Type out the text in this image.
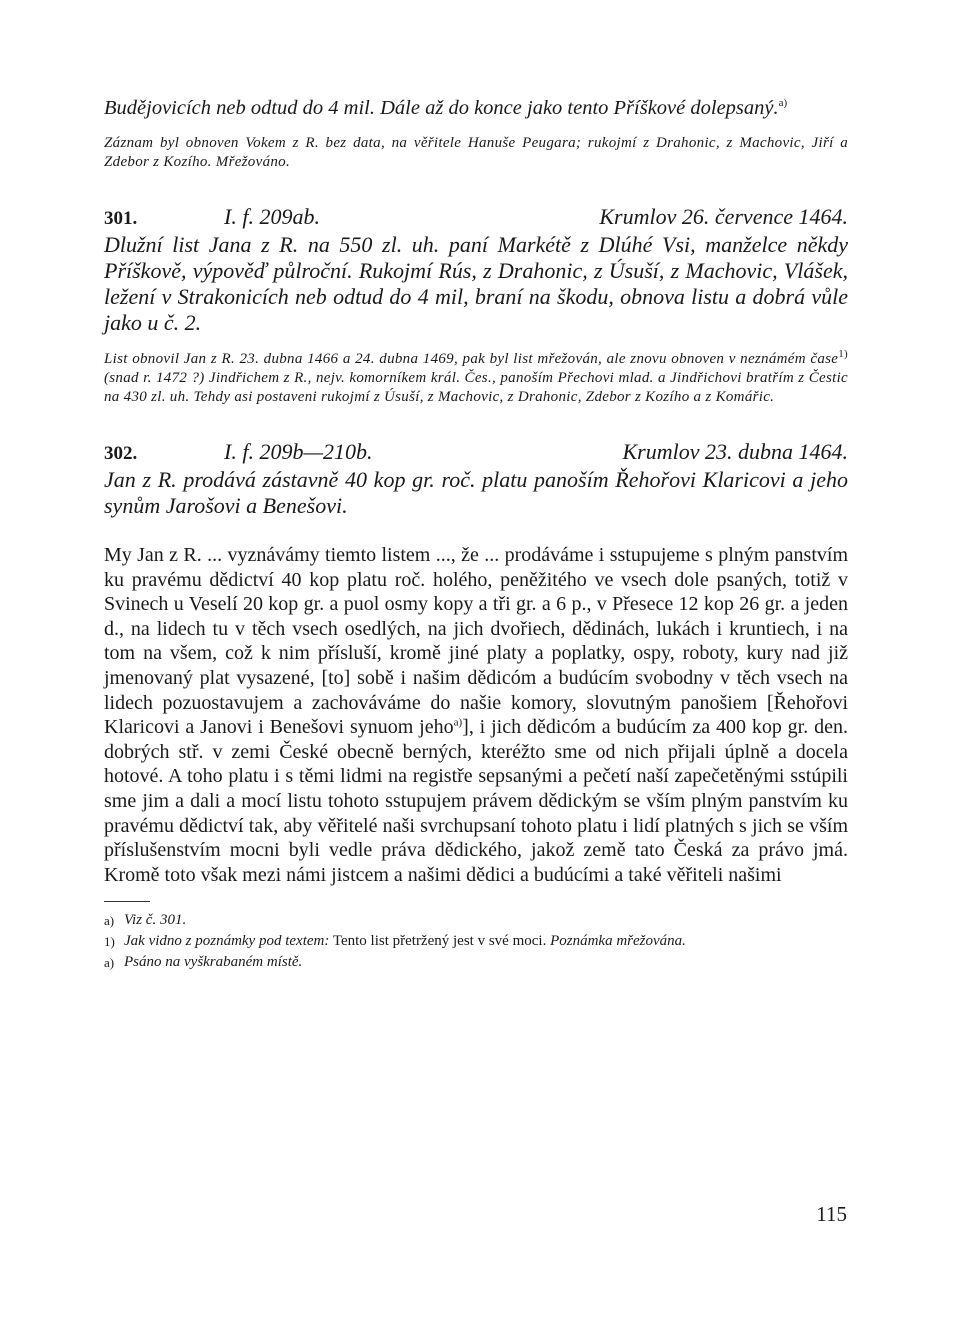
Budějovicích neb odtud do 4 mil. Dále až do konce jako tento Příškové dolepsaný.$^{a)}$

Záznam byl obnoven Vokem z R. bez data, na věřitele Hanuše Peugara; rukojmí z Drahonic, z Machovic, Jiří a Zdebor z Kozího. Mřežováno.

301.	I. f. 209ab.	Krumlov 26. července 1464.

Dlužní list Jana z R. na 550 zl. uh. paní Markétě z Dlúhé Vsi, manželce někdy Příškově, výpověď půlroční. Rukojmí Rús, z Drahonic, z Úsuší, z Machovic, Vlášek, ležení v Strakonicích neb odtud do 4 mil, braní na škodu, obnova listu a dobrá vůle jako u č. 2.

List obnovil Jan z R. 23. dubna 1466 a 24. dubna 1469, pak byl list mřežován, ale znovu obnoven v neznámém čase$^{1)}$ (snad r. 1472 ?) Jindřichem z R., nejv. komorníkem král. Čes., panoším Přechovi mlad. a Jindřichovi bratřím z Čestic na 430 zl. uh. Tehdy asi postaveni rukojmí z Úsuší, z Machovic, z Drahonic, Zdebor z Kozího a z Komářic.

302.	I. f. 209b—210b.	Krumlov 23. dubna 1464.

Jan z R. prodává zástavně 40 kop gr. roč. platu panoším Řehořovi Klaricovi a jeho synům Jarošovi a Benešovi.

My Jan z R. ... vyznávámy tiemto listem ..., že ... prodáváme i sstupujeme s plným panstvím ku pravému dědictví 40 kop platu roč. holého, peněžitého ve vsech dole psaných, totiž v Svinech u Veselí 20 kop gr. a puol osmy kopy a tři gr. a 6 p., v Přesece 12 kop 26 gr. a jeden d., na lidech tu v těch vsech osedlých, na jich dvořiech, dědinách, lukách i kruntiech, i na tom na všem, což k nim přísluší, kromě jiné platy a poplatky, ospy, roboty, kury nad již jmenovaný plat vysazené, [to] sobě i našim dědicóm a budúcím svobodny v těch vsech na lidech pozuostavujem a zachováváme do našie komory, slovutným panošiem [Řehořovi Klaricovi a Janovi i Benešovi synuom jeho$^{a)}$], i jich dědicóm a budúcím za 400 kop gr. den. dobrých stř. v zemi České obecně berných, kteréžto sme od nich přijali úplně a docela hotové. A toho platu i s těmi lidmi na registře sepsanými a pečetí naší zapečetěnými sstúpili sme jim a dali a mocí listu tohoto sstupujem právem dědickým se vším plným panstvím ku pravému dědictví tak, aby věřitelé naši svrchupsaní tohoto platu i lidí platných s jich se vším příslušenstvím mocni byli vedle práva dědického, jakož země tato Česká za právo jmá. Kromě toto však mezi námi jistcem a našimi dědici a budúcími a také věřiteli našimi

a) Viz č. 301.
1) Jak vidno z poznámky pod textem: Tento list přetržený jest v své moci. Poznámka mřežována.
a) Psáno na vyškrabaném místě.
115
